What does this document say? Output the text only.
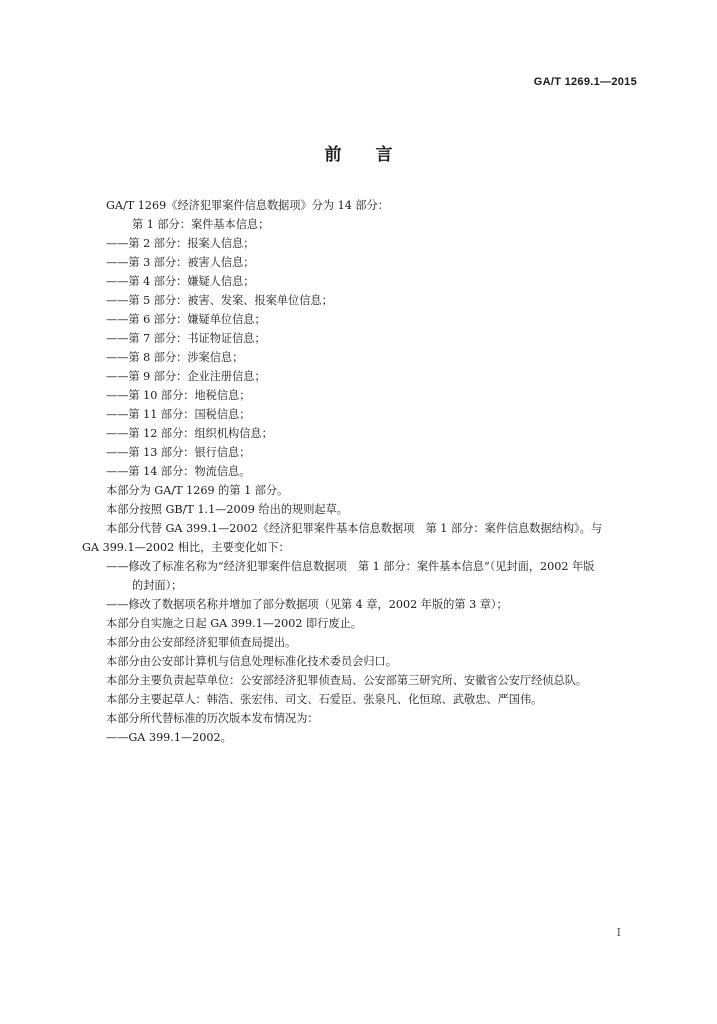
GA/T 1269.1—2015
前 言
GA/T 1269《经济犯罪案件信息数据项》分为 14 部分：
第 1 部分：案件基本信息；
——第 2 部分：报案人信息；
——第 3 部分：被害人信息；
——第 4 部分：嫌疑人信息；
——第 5 部分：被害、发案、报案单位信息；
——第 6 部分：嫌疑单位信息；
——第 7 部分：书证物证信息；
——第 8 部分：涉案信息；
——第 9 部分：企业注册信息；
——第 10 部分：地税信息；
——第 11 部分：国税信息；
——第 12 部分：组织机构信息；
——第 13 部分：银行信息；
——第 14 部分：物流信息。
本部分为 GA/T 1269 的第 1 部分。
本部分按照 GB/T 1.1—2009 给出的规则起草。
本部分代替 GA 399.1—2002《经济犯罪案件基本信息数据项　第 1 部分：案件信息数据结构》。与
GA 399.1—2002 相比，主要变化如下：
——修改了标准名称为“经济犯罪案件信息数据项　第 1 部分：案件基本信息”（见封面，2002 年版
的封面）；
——修改了数据项名称并增加了部分数据项（见第 4 章，2002 年版的第 3 章）；
本部分自实施之日起 GA 399.1—2002 即行废止。
本部分由公安部经济犯罪侦查局提出。
本部分由公安部计算机与信息处理标准化技术委员会归口。
本部分主要负责起草单位：公安部经济犯罪侦查局、公安部第三研究所、安徽省公安厅经侦总队。
本部分主要起草人：韩浩、张宏伟、司文、石爱臣、张泉凡、化恒琼、武敬忠、严国伟。
本部分所代替标准的历次版本发布情况为：
——GA 399.1—2002。
I
